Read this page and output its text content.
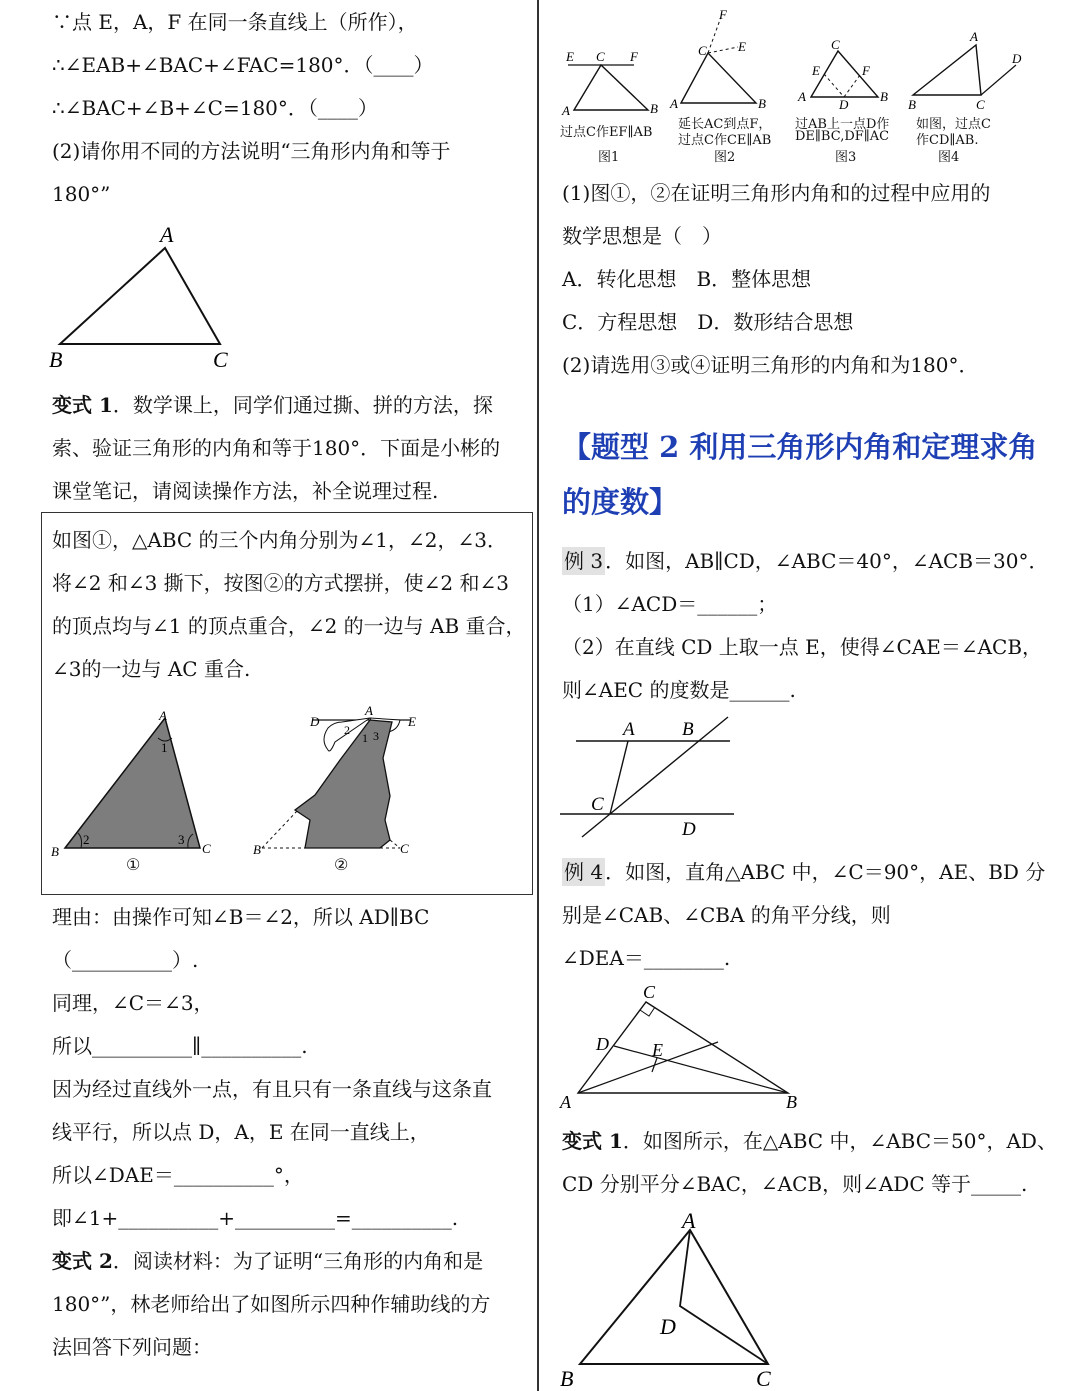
∵点 E，A，F 在同一条直线上（所作），
∴∠EAB+∠BAC+∠FAC=180°．（____）
∴∠BAC+∠B+∠C=180°．（____）
(2)请你用不同的方法说明“三角形内角和等于
180°”
A
B	C
变式 1．数学课上，同学们通过撕、拼的方法，探
索、验证三角形的内角和等于180°．下面是小彬的
课堂笔记，请阅读操作方法，补全说理过程.
如图①，△ABC 的三个内角分别为∠1，∠2，∠3．
将∠2 和∠3 撕下，按图②的方式摆拼，使∠2 和∠3
的顶点均与∠1 的顶点重合，∠2 的一边与 AB 重合，
∠3的一边与 AC 重合.
A
1
2	3
B	C
①
D
A
E
2
1 3
B	C
②
理由：由操作可知∠B＝∠2，所以 AD∥BC
（__________）.
同理，∠C＝∠3，
所以__________∥__________.
因为经过直线外一点，有且只有一条直线与这条直
线平行，所以点 D，A，E 在同一直线上，
所以∠DAE＝__________°，
即∠1+__________+__________=__________.
变式 2．阅读材料：为了证明“三角形的内角和是
180°”，林老师给出了如图所示四种作辅助线的方
法回答下列问题：
E C F
A	B
F
C E
A	B
C
E	F
A
D
B
A
D
B	C
过点C作EF∥AB
图1
延长AC到点F，
过点C作CE∥AB
图2
过AB上一点D作
DE∥BC,DF∥AC
图3
如图，过点C
作CD∥AB.
图4
(1)图①，②在证明三角形内角和的过程中应用的
数学思想是（　）
A．转化思想　B．整体思想
C．方程思想　D．数形结合思想
(2)请选用③或④证明三角形的内角和为180°．
【题型 2 利用三角形内角和定理求角
的度数】
例 3 ．如图，AB∥CD，∠ABC＝40°，∠ACB＝30°．
（1）∠ACD＝______；
（2）在直线 CD 上取一点 E，使得∠CAE＝∠ACB，
则∠AEC 的度数是______.
A B
C
D
例 4 ．如图，直角△ABC 中，∠C＝90°，AE、BD 分
别是∠CAB、∠CBA 的角平分线，则
∠DEA＝________.
C
D E
A	B
变式 1．如图所示，在△ABC 中，∠ABC＝50°，AD、
CD 分别平分∠BAC，∠ACB，则∠ADC 等于_____.
A
D
B	C
